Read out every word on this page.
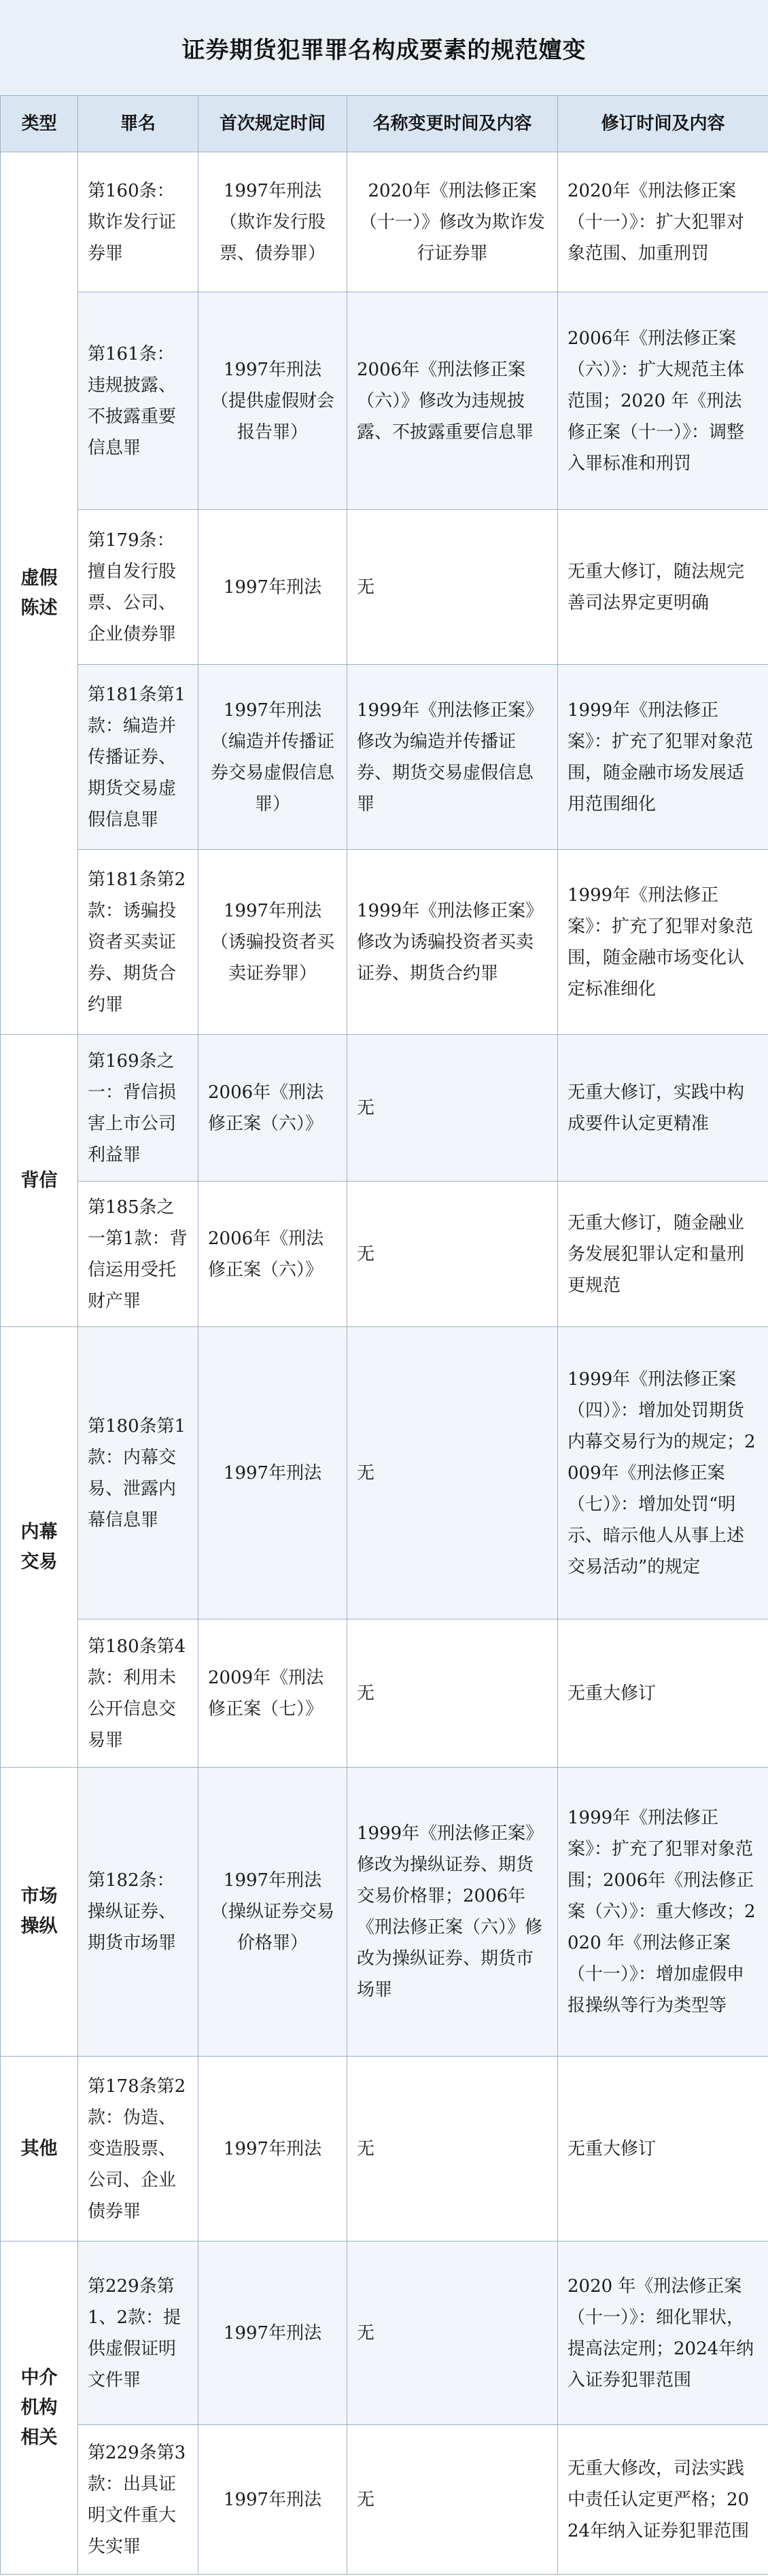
证券期货犯罪罪名构成要素的规范嬗变
类型	罪名	首次规定时间	名称变更时间及内容	修订时间及内容
虚假陈述	第160条：欺诈发行证券罪	1997年刑法（欺诈发行股票、债券罪）	2020年《刑法修正案（十一）》修改为欺诈发行证券罪	2020年《刑法修正案（十一）》：扩大犯罪对象范围、加重刑罚
	第161条：违规披露、不披露重要信息罪	1997年刑法（提供虚假财会报告罪）	2006年《刑法修正案（六）》修改为违规披露、不披露重要信息罪	2006年《刑法修正案（六）》：扩大规范主体范围；2020 年《刑法修正案（十一）》：调整入罪标准和刑罚
	第179条：擅自发行股票、公司、企业债券罪	1997年刑法	无	无重大修订，随法规完善司法界定更明确
	第181条第1款：编造并传播证券、期货交易虚假信息罪	1997年刑法（编造并传播证券交易虚假信息罪）	1999年《刑法修正案》修改为编造并传播证券、期货交易虚假信息罪	1999年《刑法修正案》：扩充了犯罪对象范围，随金融市场发展适用范围细化
	第181条第2款：诱骗投资者买卖证券、期货合约罪	1997年刑法（诱骗投资者买卖证券罪）	1999年《刑法修正案》修改为诱骗投资者买卖证券、期货合约罪	1999年《刑法修正案》：扩充了犯罪对象范围，随金融市场变化认定标准细化
背信	第169条之一：背信损害上市公司利益罪	2006年《刑法修正案（六）》	无	无重大修订，实践中构成要件认定更精准
	第185条之一第1款：背信运用受托财产罪	2006年《刑法修正案（六）》	无	无重大修订，随金融业务发展犯罪认定和量刑更规范
内幕交易	第180条第1款：内幕交易、泄露内幕信息罪	1997年刑法	无	1999年《刑法修正案（四）》：增加处罚期货内幕交易行为的规定；2009年《刑法修正案（七）》：增加处罚“明示、暗示他人从事上述交易活动”的规定
	第180条第4款：利用未公开信息交易罪	2009年《刑法修正案（七）》	无	无重大修订
市场操纵	第182条：操纵证券、期货市场罪	1997年刑法（操纵证券交易价格罪）	1999年《刑法修正案》修改为操纵证券、期货交易价格罪；2006年《刑法修正案（六）》修改为操纵证券、期货市场罪	1999年《刑法修正案》：扩充了犯罪对象范围；2006年《刑法修正案（六）》：重大修改；2020 年《刑法修正案（十一）》：增加虚假申报操纵等行为类型等
其他	第178条第2款：伪造、变造股票、公司、企业债券罪	1997年刑法	无	无重大修订
中介机构相关	第229条第1、2款：提供虚假证明文件罪	1997年刑法	无	2020 年《刑法修正案（十一）》：细化罪状，提高法定刑；2024年纳入证券犯罪范围
	第229条第3款：出具证明文件重大失实罪	1997年刑法	无	无重大修改，司法实践中责任认定更严格；2024年纳入证券犯罪范围
